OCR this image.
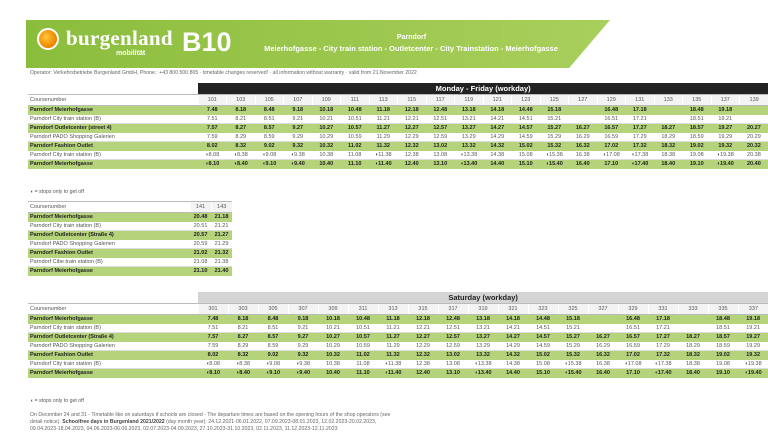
burgenland
mobilität B10	Parndorf
Meierhofgasse - City train station - Outletcenter - City Trainstation - Meierhofgasse
Operator: Verkehrsbetriebe Burgenland GmbH, Phone.: +43 800 500 805 · timetable changes reserved! · all information without warranty · valid from 21.November 2022
	Monday - Friday (workday)																			
Coursenumber	101	103	105	107	109	111	113	115	117	119	121	123	125	127	129	131	133	135	137	139
Parndorf Meierhofgasse	7.48	8.18	8.48	9.18	10.18	10.48	11.18	12.18	12.48	13.18	14.18	14.48	15.18		16.48	17.18		18.48	19.18	
Parndorf City train station (B)	7.51	8.21	8.51	9.21	10.21	10.51	11.21	12.21	12.51	13.21	14.21	14.51	15.21		16.51	17.21		18.51	19.21	
Parndorf Outletcenter (street 4)	7.57	8.27	8.57	9.27	10.27	10.57	11.27	12.27	12.57	13.27	14.27	14.57	15.27	16.27	16.57	17.27	18.27	18.57	19.27	20.27
Parndorf PADO Shopping Galerien	7.59	8.29	8.59	9.29	10.29	10.59	11.29	12.29	12.59	13.29	14.29	14.59	15.29	16.29	16.59	17.29	18.29	18.59	19.29	20.29
Parndorf Fashion Outlet	8.02	8.32	9.02	9.32	10.32	11.02	11.32	12.32	13.02	13.32	14.32	15.02	15.32	16.32	17.02	17.32	18.32	19.02	19.32	20.32
Parndorf City train station (B)	◖8.08	◖8.38	◖9.08	◖9.38	10.38	11.08	◖11.38	12.38	13.08	◖13.38	14.38	15.08	◖15.38	16.38	◖17.08	◖17.38	18.38	19.08	◖19.38	20.38
Parndorf Meierhofgasse	◖8.10	◖8.40	◖9.10	◖9.40	10.40	11.10	◖11.40	12.40	13.10	◖13.40	14.40	15.10	◖15.40	16.40	17.10	◖17.40	18.40	19.10	◖19.40	20.40
◖ = stops only to get off
Coursenumber	141	143
Parndorf Meierhofgasse	20.48	21.18
Parndorf City train station (B)	20.51	21.21
Parndorf Outletcenter (Straße 4)	20.57	21.27
Parndorf PADO Shopping Galerien	20.59	21.29
Parndorf Fashion Outlet	21.02	21.32
Parndorf Cibe train station (B)	21.08	21.38
Parndorf Meierhofgasse	21.10	21.40
	Saturday (workday)																		
Coursenumber	301	303	305	307	309	311	313	315	317	319	321	323	325	327	329	331	333	335	337
Parndorf Meierhofgasse	7.48	8.18	8.48	9.18	10.18	10.48	11.18	12.18	12.48	13.18	14.18	14.48	15.18		16.48	17.18		18.48	19.18
Parndorf City train station (B)	7.51	8.21	8.51	9.21	10.21	10.51	11.21	12.21	12.51	13.21	14.21	14.51	15.21		16.51	17.21		18.51	19.21
Parndorf Outletcenter (Straße 4)	7.57	8.27	8.57	9.27	10.27	10.57	11.27	12.27	12.57	13.27	14.27	14.57	15.27	16.27	16.57	17.27	18.27	18.57	19.27
Parndorf PADO Shopping Galerien	7.59	8.29	8.59	9.29	10.29	10.59	11.29	12.29	12.59	13.29	14.29	14.59	15.29	16.29	16.59	17.29	18.29	18.59	19.29
Parndorf Fashion Outlet	8.02	8.32	9.02	9.32	10.32	11.02	11.32	12.32	13.02	13.32	14.32	15.02	15.32	16.32	17.02	17.32	18.32	19.02	19.32
Parndorf City train station (B)	◖8.08	◖8.38	◖9.08	◖9.38	10.38	11.08	◖11.38	12.38	13.08	◖13.38	14.38	15.08	◖15.38	16.38	◖17.08	◖17.38	18.38	19.08	◖19.38
Parndorf Meierhofgasse	◖8.10	◖8.40	◖9.10	◖9.40	10.40	11.10	◖11.40	12.40	13.10	◖13.40	14.40	15.10	◖15.40	16.40	17.10	◖17.40	18.40	19.10	◖19.40
◖ = stops only to get off
On December 24 and 31 - Timetable like on saturdays if schools are closed - The departure times are based on the opening hours of the shop operators (see
detail notice). Schoolfree days in Burgenland 2021/2022 (day month year): 24.12.2021-06.01.2022, 07.09.2023-08.01.2023, 12.02.2023-20.02.2023,
09.04.2023-18.04.2023, 04.06.2023-06.06.2023, 02.07.2023-04.09.2023, 27.10.2023-31.10.2023, 02.11.2023, 11.12.2023-12.11.2023
